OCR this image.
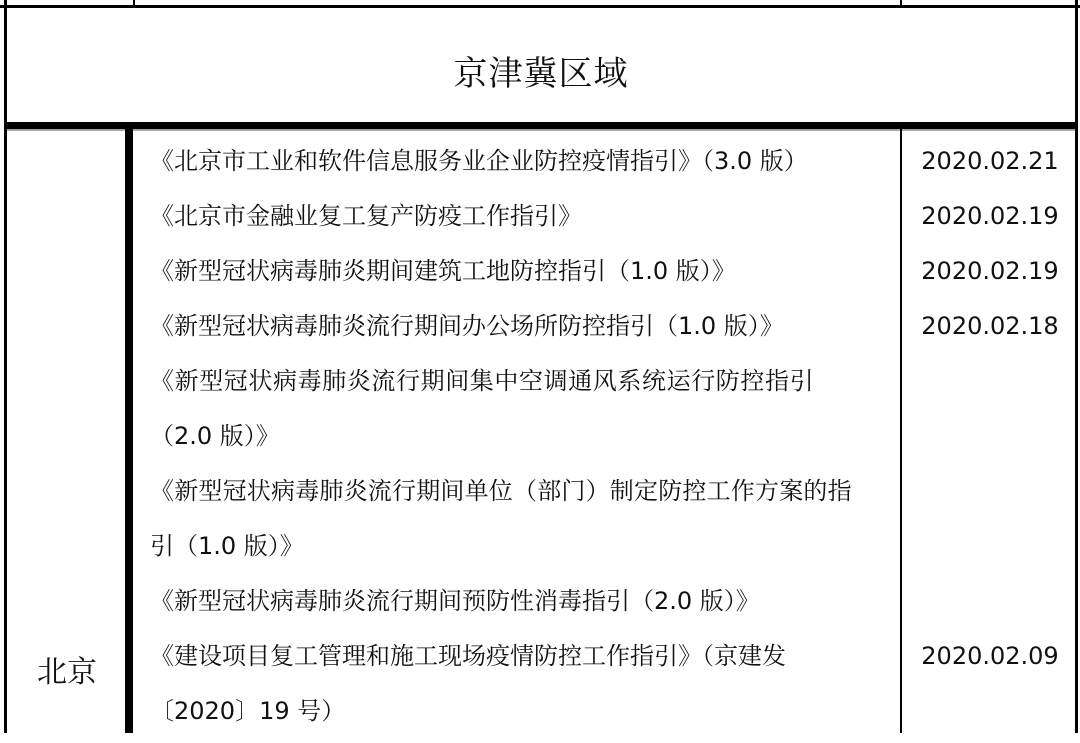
京津冀区域
北京
《北京市工业和软件信息服务业企业防控疫情指引》（3.0 版）
《北京市金融业复工复产防疫工作指引》
《新型冠状病毒肺炎期间建筑工地防控指引（1.0 版）》
《新型冠状病毒肺炎流行期间办公场所防控指引（1.0 版）》
《新型冠状病毒肺炎流行期间集中空调通风系统运行防控指引
（2.0 版）》
《新型冠状病毒肺炎流行期间单位（部门）制定防控工作方案的指
引（1.0 版）》
《新型冠状病毒肺炎流行期间预防性消毒指引（2.0 版）》
《建设项目复工管理和施工现场疫情防控工作指引》（京建发
〔2020〕19 号）
2020.02.21
2020.02.19
2020.02.19
2020.02.18
2020.02.09
